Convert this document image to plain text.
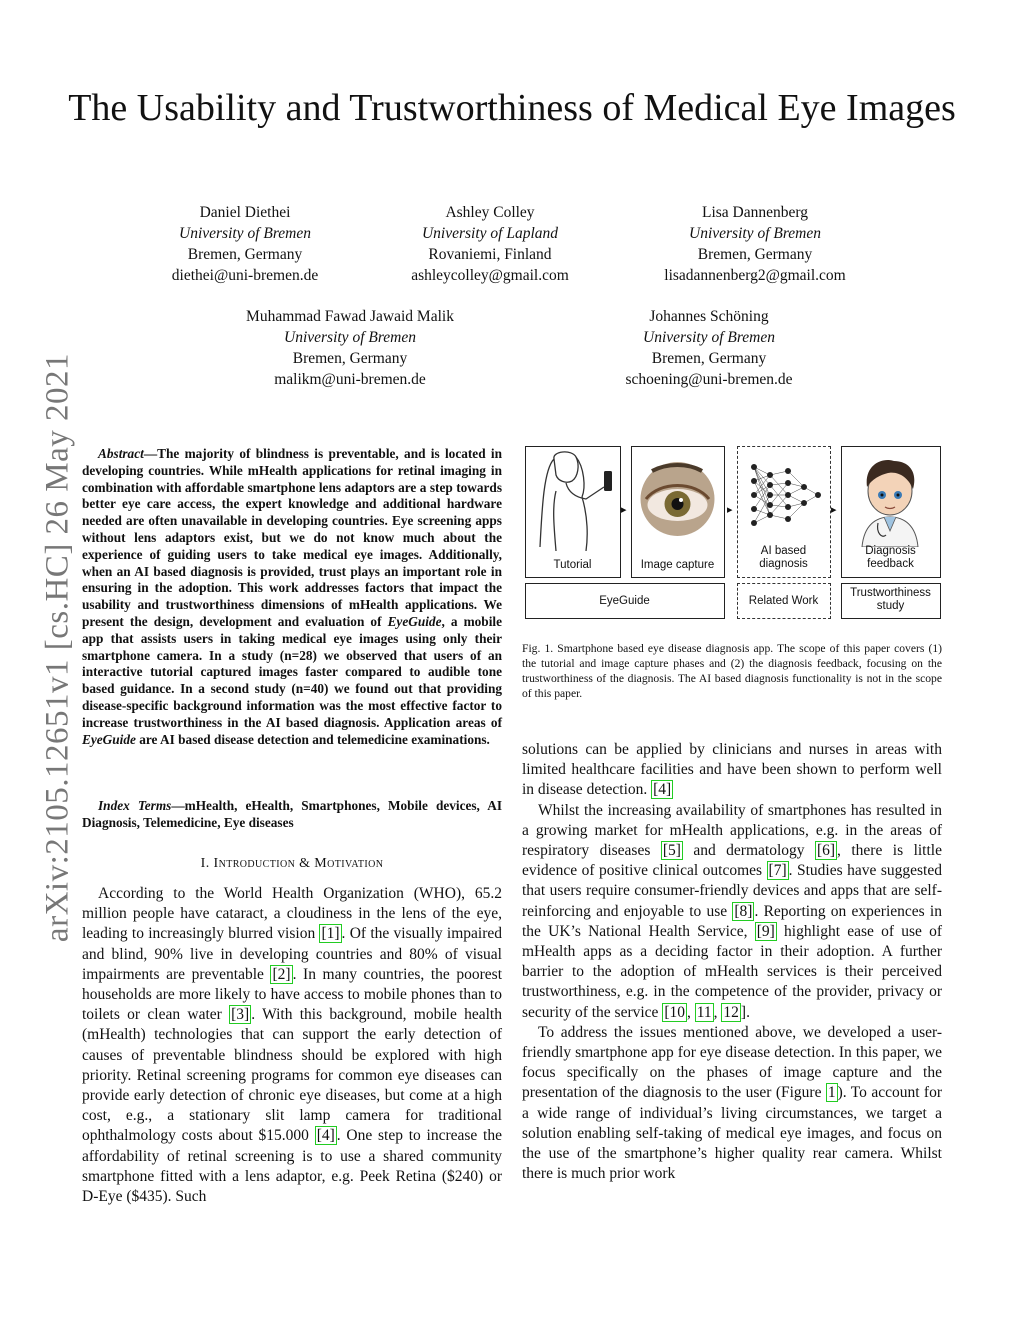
The Usability and Trustworthiness of Medical Eye Images
arXiv:2105.12651v1 [cs.HC] 26 May 2021
Daniel Diethei
University of Bremen
Bremen, Germany
diethei@uni-bremen.de
Ashley Colley
University of Lapland
Rovaniemi, Finland
ashleycolley@gmail.com
Lisa Dannenberg
University of Bremen
Bremen, Germany
lisadannenberg2@gmail.com
Muhammad Fawad Jawaid Malik
University of Bremen
Bremen, Germany
malikm@uni-bremen.de
Johannes Schöning
University of Bremen
Bremen, Germany
schoening@uni-bremen.de

Abstract—The majority of blindness is preventable, and is located in developing countries. While mHealth applications for retinal imaging in combination with affordable smartphone lens adaptors are a step towards better eye care access, the expert knowledge and additional hardware needed are often unavailable in developing countries. Eye screening apps without lens adaptors exist, but we do not know much about the experience of guiding users to take medical eye images. Additionally, when an AI based diagnosis is provided, trust plays an important role in ensuring in the adoption. This work addresses factors that impact the usability and trustworthiness dimensions of mHealth applications. We present the design, development and evaluation of EyeGuide, a mobile app that assists users in taking medical eye images using only their smartphone camera. In a study (n=28) we observed that users of an interactive tutorial captured images faster compared to audible tone based guidance. In a second study (n=40) we found out that providing disease-specific background information was the most effective factor to increase trustworthiness in the AI based diagnosis. Application areas of EyeGuide are AI based disease detection and telemedicine examinations.

Index Terms—mHealth, eHealth, Smartphones, Mobile devices, AI Diagnosis, Telemedicine, Eye diseases

I. Introduction & Motivation

According to the World Health Organization (WHO), 65.2 million people have cataract, a cloudiness in the lens of the eye, leading to increasingly blurred vision [1] . Of the visually impaired and blind, 90% live in developing countries and 80% of visual impairments are preventable [2] . In many countries, the poorest households are more likely to have access to mobile phones than to toilets or clean water [3] . With this background, mobile health (mHealth) technologies that can support the early detection of causes of preventable blindness should be explored with high priority. Retinal screening programs for common eye diseases can provide early detection of chronic eye diseases, but come at a high cost, e.g., a stationary slit lamp camera for traditional ophthalmology costs about $15.000 [4] . One step to increase the affordability of retinal screening is to use a shared community smartphone fitted with a lens adaptor, e.g. Peek Retina ($240) or D-Eye ($435). Such

Tutorial
▸
Image capture
▸
AI based diagnosis
▸
Diagnosis feedback
EyeGuide	Related Work
Trustworthiness study
Fig. 1. Smartphone based eye disease diagnosis app. The scope of this paper covers (1) the tutorial and image capture phases and (2) the diagnosis feedback, focusing on the trustworthiness of the diagnosis. The AI based diagnosis functionality is not in the scope of this paper.

solutions can be applied by clinicians and nurses in areas with limited healthcare facilities and have been shown to perform well in disease detection. [4]

Whilst the increasing availability of smartphones has resulted in a growing market for mHealth applications, e.g. in the areas of respiratory diseases [5] and dermatology [6] , there is little evidence of positive clinical outcomes [7] . Studies have suggested that users require consumer-friendly devices and apps that are self-reinforcing and enjoyable to use [8] . Reporting on experiences in the UK’s National Health Service, [9] highlight ease of use of mHealth apps as a deciding factor in their adoption. A further barrier to the adoption of mHealth services is their perceived trustworthiness, e.g. in the competence of the provider, privacy or security of the service [10 , 11 , 12 ].

To address the issues mentioned above, we developed a user-friendly smartphone app for eye disease detection. In this paper, we focus specifically on the phases of image capture and the presentation of the diagnosis to the user (Figure 1 ). To account for a wide range of individual’s living circumstances, we target a solution enabling self-taking of medical eye images, and focus on the use of the smartphone’s higher quality rear camera. Whilst there is much prior work
